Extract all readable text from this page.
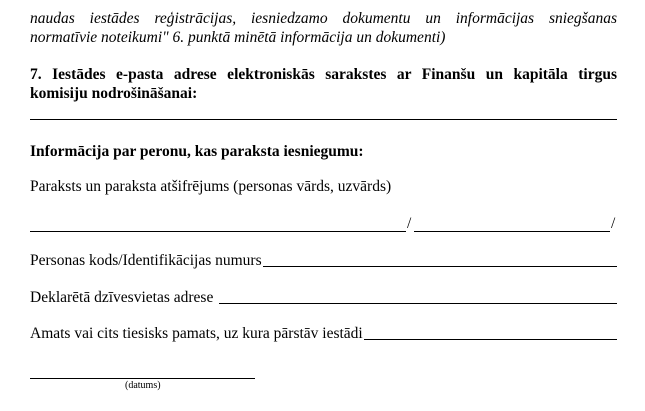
naudas iestādes reģistrācijas, iesniedzamo dokumentu un informācijas sniegšanas
normatīvie noteikumi" 6. punktā minētā informācija un dokumenti)
7. Iestādes e-pasta adrese elektroniskās sarakstes ar Finanšu un kapitāla tirgus
komisiju nodrošināšanai:
Informācija par peronu, kas paraksta iesniegumu:
Paraksts un paraksta atšifrējums (personas vārds, uzvārds)
/	/
Personas kods/Identifikācijas numurs
Deklarētā dzīvesvietas adrese
Amats vai cits tiesisks pamats, uz kura pārstāv iestādi
(datums)
